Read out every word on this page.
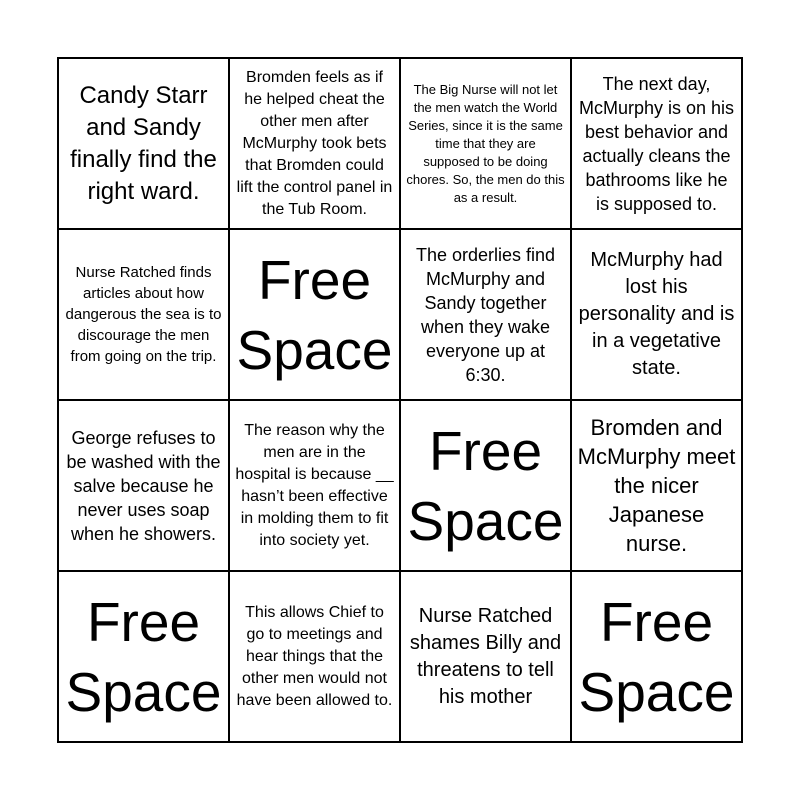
Candy Starr and Sandy finally find the right ward.
Bromden feels as if he helped cheat the other men after McMurphy took bets that Bromden could lift the control panel in the Tub Room.
The Big Nurse will not let the men watch the World Series, since it is the same time that they are supposed to be doing chores. So, the men do this as a result.
The next day, McMurphy is on his best behavior and actually cleans the bathrooms like he is supposed to.
Nurse Ratched finds articles about how dangerous the sea is to discourage the men from going on the trip.
Free Space
The orderlies find McMurphy and Sandy together when they wake everyone up at 6:30.
McMurphy had lost his personality and is in a vegetative state.
George refuses to be washed with the salve because he never uses soap when he showers.
The reason why the men are in the hospital is because __ hasn’t been effective in molding them to fit into society yet.
Free Space
Bromden and McMurphy meet the nicer Japanese nurse.
Free Space
This allows Chief to go to meetings and hear things that the other men would not have been allowed to.
Nurse Ratched shames Billy and threatens to tell his mother
Free Space
